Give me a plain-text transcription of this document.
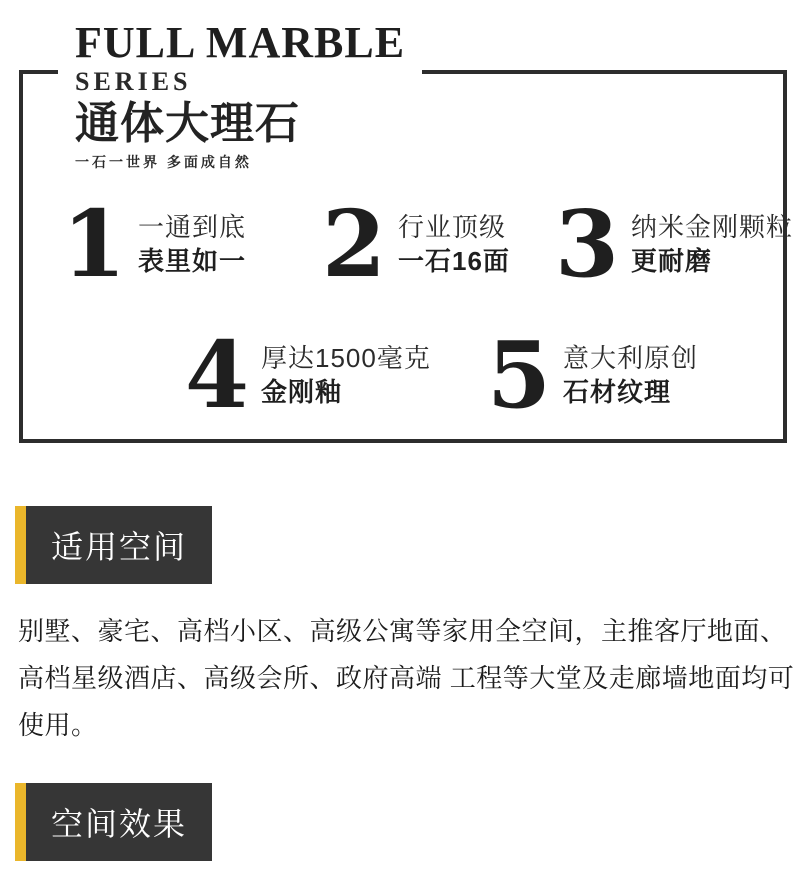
FULL MARBLE
SERIES
通体大理石
一石一世界 多面成自然
1 一通到底
表里如一 2 行业顶级
一石16面 3 纳米金刚颗粒
更耐磨
4 厚达1500毫克
金刚釉	5 意大利原创
石材纹理
适用空间
别墅、豪宅、高档小区、高级公寓等家用全空间，主推客厅地面、
高档星级酒店、高级会所、政府高端 工程等大堂及走廊墙地面均可
使用。
空间效果
